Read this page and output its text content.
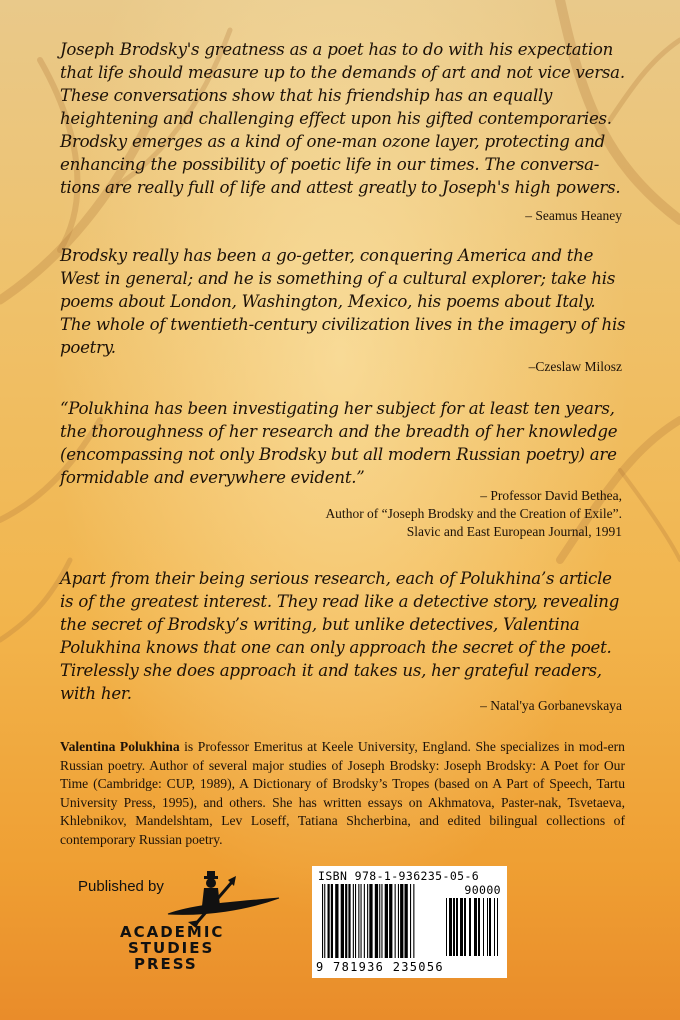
Joseph Brodsky's greatness as a poet has to do with his expectation that life should measure up to the demands of art and not vice versa. These conversations show that his friendship has an equally heightening and challenging effect upon his gifted contemporaries. Brodsky emerges as a kind of one-man ozone layer, protecting and enhancing the possibility of poetic life in our times. The conversa-tions are really full of life and attest greatly to Joseph's high powers.

– Seamus Heaney

Brodsky really has been a go-getter, conquering America and the West in general; and he is something of a cultural explorer; take his poems about London, Washington, Mexico, his poems about Italy. The whole of twentieth-century civilization lives in the imagery of his poetry.

–Czeslaw Milosz

“Polukhina has been investigating her subject for at least ten years, the thoroughness of her research and the breadth of her knowledge (encompassing not only Brodsky but all modern Russian poetry) are formidable and everywhere evident.”

– Professor David Bethea,
Author of “Joseph Brodsky and the Creation of Exile”.
Slavic and East European Journal, 1991

Apart from their being serious research, each of Polukhina’s article is of the greatest interest. They read like a detective story, revealing the secret of Brodsky’s writing, but unlike detectives, Valentina Polukhina knows that one can only approach the secret of the poet. Tirelessly she does approach it and takes us, her grateful readers, with her.

– Natal'ya Gorbanevskaya
Valentina Polukhina is Professor Emeritus at Keele University, England. She specializes in mod-ern Russian poetry. Author of several major studies of Joseph Brodsky: Joseph Brodsky: A Poet for Our Time (Cambridge: CUP, 1989), A Dictionary of Brodsky’s Tropes (based on A Part of Speech, Tartu University Press, 1995), and others. She has written essays on Akhmatova, Paster-nak, Tsvetaeva, Khlebnikov, Mandelshtam, Lev Loseff, Tatiana Shcherbina, and edited bilingual collections of contemporary Russian poetry.
Published by
ACADEMIC
STUDIES
PRESS
ISBN 978-1-936235-05-6
90000
9 781936 235056
